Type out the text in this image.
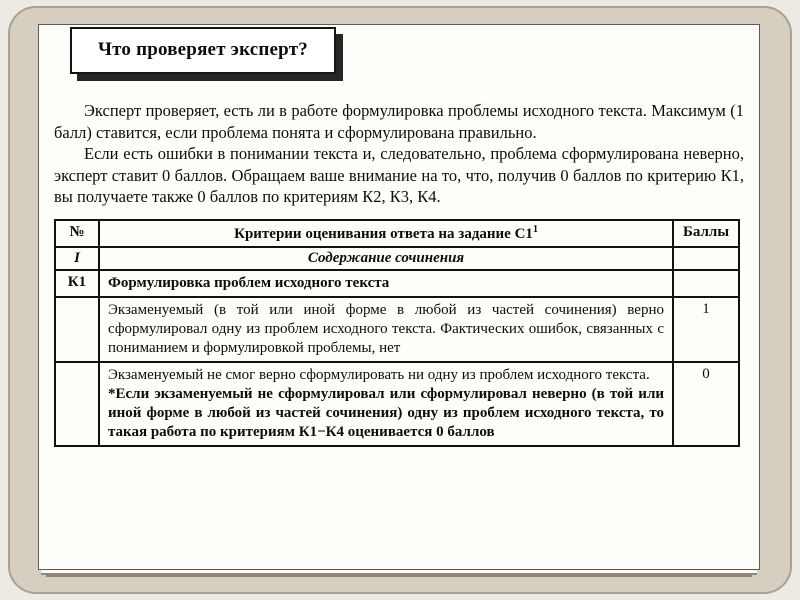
Что проверяет эксперт?

Эксперт проверяет, есть ли в работе формулировка проблемы исходного текста. Максимум (1 балл) ставится, если проблема понята и сформулирована правильно.

Если есть ошибки в понимании текста и, следовательно, проблема сформулирована неверно, эксперт ставит 0 баллов. Обращаем ваше внимание на то, что, получив 0 баллов по критерию К1, вы получаете также 0 баллов по критериям К2, К3, К4.

№	Критерии оценивания ответа на задание $С1^1$	Баллы
I	Содержание сочинения	
К1	Формулировка проблем исходного текста	
	Экзаменуемый (в той или иной форме в любой из частей сочинения) верно сформулировал одну из проблем исходного текста. Фактических ошибок, связанных с пониманием и формулировкой проблемы, нет	1
	Экзаменуемый не смог верно сформулировать ни одну из проблем исходного текста.
*Если экзаменуемый не сформулировал или сформулировал неверно (в той или иной форме в любой из частей сочинения) одну из проблем исходного текста, то такая работа по критериям К1−К4 оценивается 0 баллов	0
